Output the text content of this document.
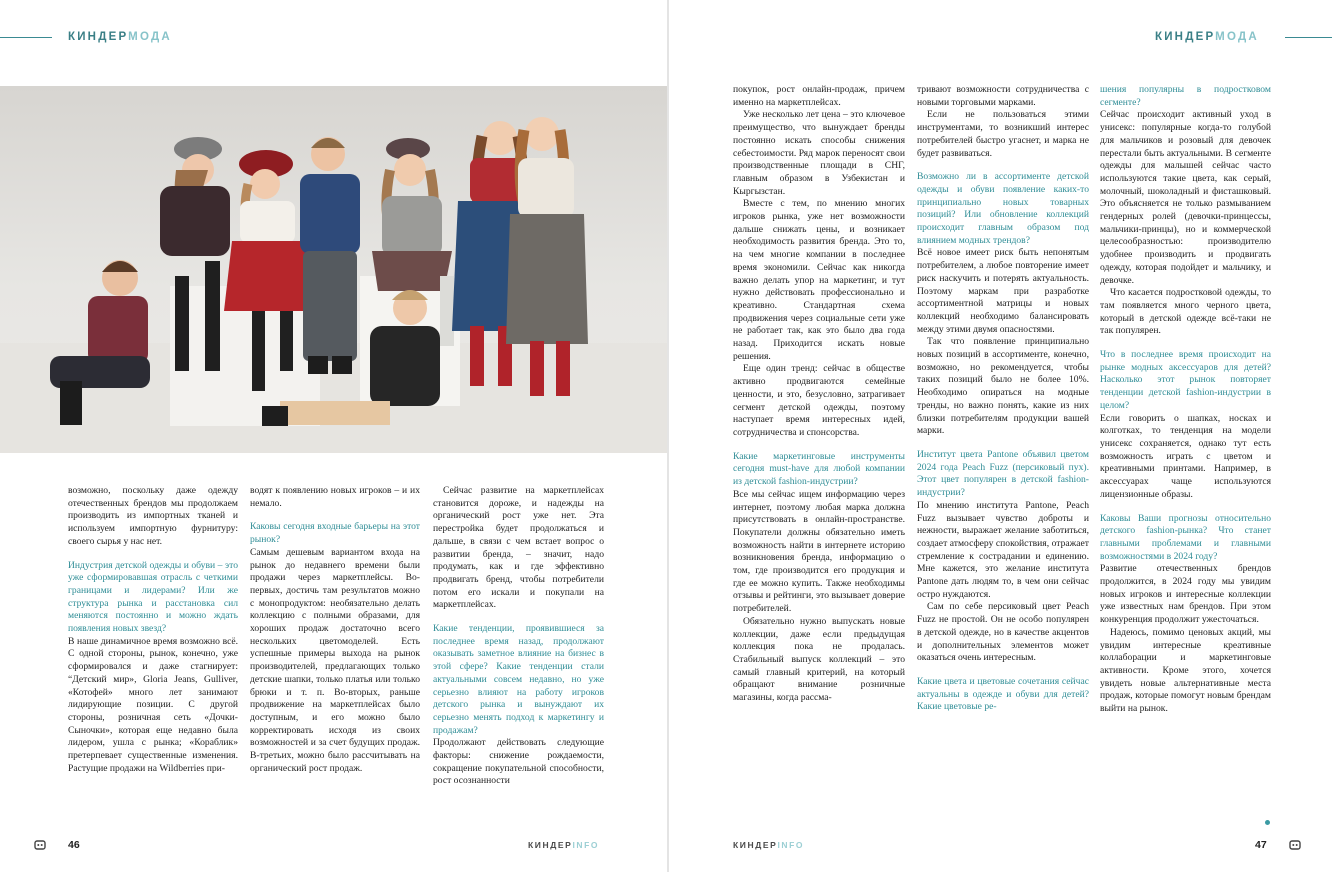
КИНДЕРМОДА

возможно, поскольку даже одежду отечественных брендов мы продолжаем производить из импортных тканей и используем импортную фурнитуру: своего сырья у нас нет.

Индустрия детской одежды и обуви – это уже сформировавшая отрасль с четкими границами и лидерами? Или же структура рынка и расстановка сил меняются постоянно и можно ждать появления новых звезд?

В наше динамичное время возможно всё. С одной стороны, рынок, конечно, уже сформировался и даже стагнирует: “Детский мир», Gloria Jeans, Gulliver, «Котофей» много лет занимают лидирующие позиции. С другой стороны, розничная сеть «Дочки-Сыночки», которая еще недавно была лидером, ушла с рынка; «Кораблик» претерпевает существенные изменения. Растущие продажи на Wildberries при-

водят к появлению новых игроков – и их немало.

Каковы сегодня входные барьеры на этот рынок?

Самым дешевым вариантом входа на рынок до недавнего времени были продажи через маркетплейсы. Во-первых, достичь там результатов можно с монопродуктом: необязательно делать коллекцию с полными образами, для хороших продаж достаточно всего нескольких цветомоделей. Есть успешные примеры выхода на рынок производителей, предлагающих только детские шапки, только платья или только брюки и т. п. Во-вторых, раньше продвижение на маркетплейсах было доступным, и его можно было корректировать исходя из своих возможностей и за счет будущих продаж. В-третьих, можно было рассчитывать на органический рост продаж.

Сейчас развитие на маркетплейсах становится дороже, и надежды на органический рост уже нет. Эта перестройка будет продолжаться и дальше, в связи с чем встает вопрос о развитии бренда, – значит, надо продумать, как и где эффективно продвигать бренд, чтобы потребители потом его искали и покупали на маркетплейсах.

Какие тенденции, проявившиеся за последнее время назад, продолжают оказывать заметное влияние на бизнес в этой сфере? Какие тенденции стали актуальными совсем недавно, но уже серьезно влияют на работу игроков детского рынка и вынуждают их серьезно менять подход к маркетингу и продажам?

Продолжают действовать следующие факторы: снижение рождаемости, сокращение покупательной способности, рост осознанности

46	КИНДЕРINFO
КИНДЕРМОДА

покупок, рост онлайн-продаж, причем именно на маркетплейсах.

Уже несколько лет цена – это ключевое преимущество, что вынуждает бренды постоянно искать способы снижения себестоимости. Ряд марок переносят свои производственные площади в СНГ, главным образом в Узбекистан и Кыргызстан.

Вместе с тем, по мнению многих игроков рынка, уже нет возможности дальше снижать цены, и возникает необходимость развития бренда. Это то, на чем многие компании в последнее время экономили. Сейчас как никогда важно делать упор на маркетинг, и тут нужно действовать профессионально и креативно. Стандартная схема продвижения через социальные сети уже не работает так, как это было два года назад. Приходится искать новые решения.

Еще один тренд: сейчас в обществе активно продвигаются семейные ценности, и это, безусловно, затрагивает сегмент детской одежды, поэтому наступает время интересных идей, сотрудничества и спонсорства.

Какие маркетинговые инструменты сегодня must-have для любой компании из детской fashion-индустрии?

Все мы сейчас ищем информацию через интернет, поэтому любая марка должна присутствовать в онлайн-пространстве. Покупатели должны обязательно иметь возможность найти в интернете историю возникновения бренда, информацию о том, где производится его продукция и где ее можно купить. Также необходимы отзывы и рейтинги, это вызывает доверие потребителей.

Обязательно нужно выпускать новые коллекции, даже если предыдущая коллекция пока не продалась. Стабильный выпуск коллекций – это самый главный критерий, на который обращают внимание розничные магазины, когда рассма-

тривают возможности сотрудничества с новыми торговыми марками.

Если не пользоваться этими инструментами, то возникший интерес потребителей быстро угаснет, и марка не будет развиваться.

Возможно ли в ассортименте детской одежды и обуви появление каких-то принципиально новых товарных позиций? Или обновление коллекций происходит главным образом под влиянием модных трендов?

Всё новое имеет риск быть непонятым потребителем, а любое повторение имеет риск наскучить и потерять актуальность. Поэтому маркам при разработке ассортиментной матрицы и новых коллекций необходимо балансировать между этими двумя опасностями.

Так что появление принципиально новых позиций в ассортименте, конечно, возможно, но рекомендуется, чтобы таких позиций было не более 10%. Необходимо опираться на модные тренды, но важно понять, какие из них близки потребителям продукции вашей марки.

Институт цвета Pantone объявил цветом 2024 года Peach Fuzz (персиковый пух). Этот цвет популярен в детской fashion-индустрии?

По мнению института Pantone, Peach Fuzz вызывает чувство доброты и нежности, выражает желание заботиться, создает атмосферу спокойствия, отражает стремление к сострадании и единению. Мне кажется, это желание института Pantone дать людям то, в чем они сейчас остро нуждаются.

Сам по себе персиковый цвет Peach Fuzz не простой. Он не особо популярен в детской одежде, но в качестве акцентов и дополнительных элементов может оказаться очень интересным.

Какие цвета и цветовые сочетания сейчас актуальны в одежде и обуви для детей? Какие цветовые ре-

шения популярны в подростковом сегменте?

Сейчас происходит активный уход в унисекс: популярные когда-то голубой для мальчиков и розовый для девочек перестали быть актуальными. В сегменте одежды для малышей сейчас часто используются такие цвета, как серый, молочный, шоколадный и фисташковый. Это объясняется не только размыванием гендерных ролей (девочки-принцессы, мальчики-принцы), но и коммерческой целесообразностью: производителю удобнее производить и продвигать одежду, которая подойдет и мальчику, и девочке.

Что касается подростковой одежды, то там появляется много черного цвета, который в детской одежде всё-таки не так популярен.

Что в последнее время происходит на рынке модных аксессуаров для детей? Насколько этот рынок повторяет тенденции детской fashion-индустрии в целом?

Если говорить о шапках, носках и колготках, то тенденция на модели унисекс сохраняется, однако тут есть возможность играть с цветом и креативными принтами. Например, в аксессуарах чаще используются лицензионные образы.

Каковы Ваши прогнозы относительно детского fashion-рынка? Что станет главными проблемами и главными возможностями в 2024 году?

Развитие отечественных брендов продолжится, в 2024 году мы увидим новых игроков и интересные коллекции уже известных нам брендов. При этом конкуренция продолжит ужесточаться.

Надеюсь, помимо ценовых акций, мы увидим интересные креативные коллаборации и маркетинговые активности. Кроме этого, хочется увидеть новые альтернативные места продаж, которые помогут новым брендам выйти на рынок.

КИНДЕРINFO	47
